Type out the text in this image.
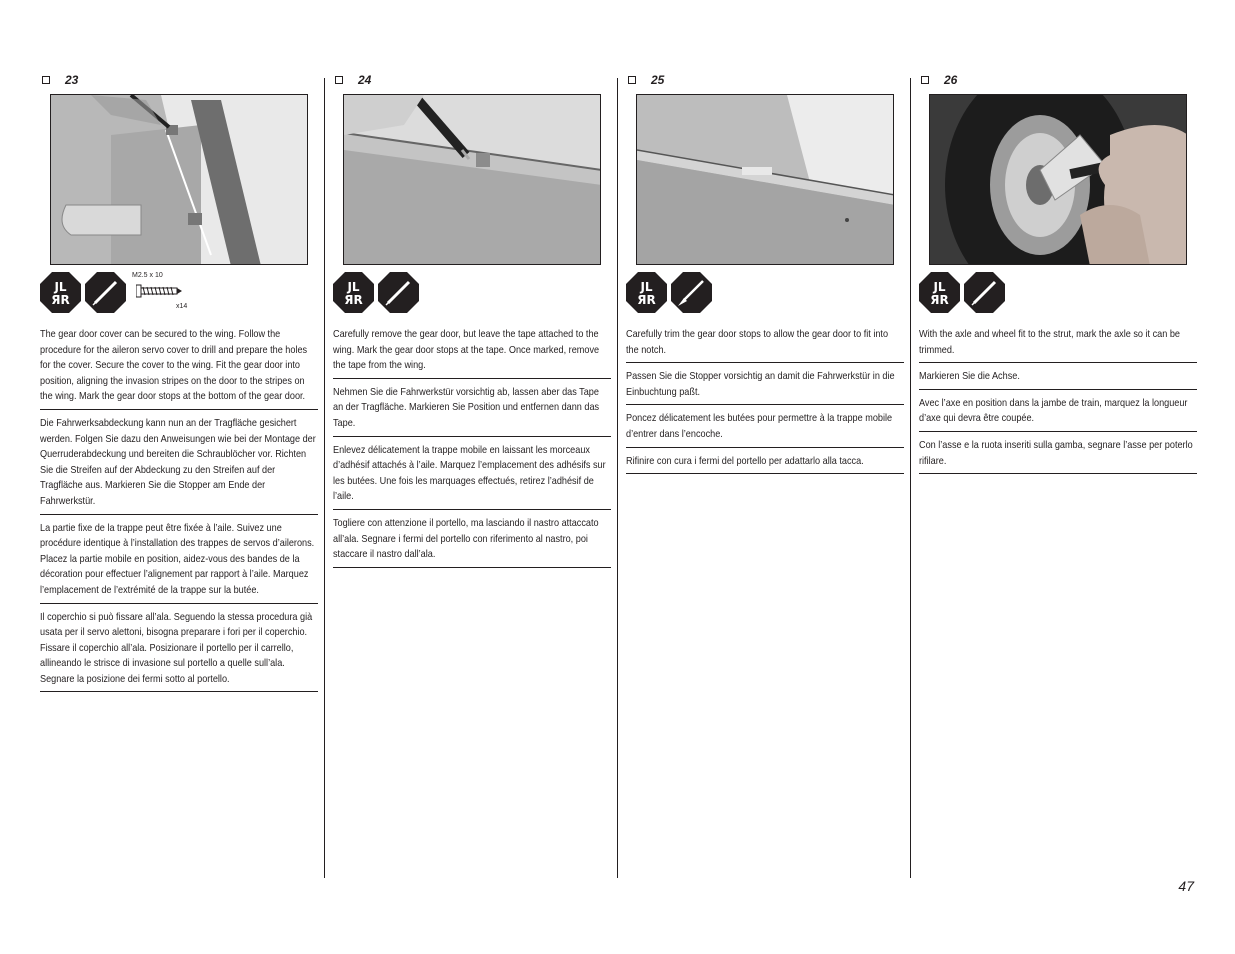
23
JL
ЯR
M2.5 x 10
x14

The gear door cover can be secured to the wing. Follow the procedure for the aileron servo cover to drill and prepare the holes for the cover. Secure the cover to the wing. Fit the gear door into position, aligning the invasion stripes on the door to the stripes on the wing. Mark the gear door stops at the bottom of the gear door.

Die Fahrwerksabdeckung kann nun an der Tragfläche gesichert werden. Folgen Sie dazu den Anweisungen wie bei der Montage der Querruderabdeckung und bereiten die Schraublöcher vor. Richten Sie die Streifen auf der Abdeckung zu den Streifen auf der Tragfläche aus. Markieren Sie die Stopper am Ende der Fahrwerkstür.

La partie fixe de la trappe peut être fixée à l’aile. Suivez une procédure identique à l’installation des trappes de servos d’ailerons. Placez la partie mobile en position, aidez-vous des bandes de la décoration pour effectuer l’alignement par rapport à l’aile. Marquez l’emplacement de l’extrémité de la trappe sur la butée.

Il coperchio si può fissare all’ala. Seguendo la stessa procedura già usata per il servo alettoni, bisogna preparare i fori per il coperchio. Fissare il coperchio all’ala. Posizionare il portello per il carrello, allineando le strisce di invasione sul portello a quelle sull’ala. Segnare la posizione dei fermi sotto al portello.

24
JL
ЯR

Carefully remove the gear door, but leave the tape attached to the wing. Mark the gear door stops at the tape. Once marked, remove the tape from the wing.

Nehmen Sie die Fahrwerkstür vorsichtig ab, lassen aber das Tape an der Tragfläche. Markieren Sie Position und entfernen dann das Tape.

Enlevez délicatement la trappe mobile en laissant les morceaux d’adhésif attachés à l’aile. Marquez l’emplacement des adhésifs sur les butées. Une fois les marquages effectués, retirez l’adhésif de l’aile.

Togliere con attenzione il portello, ma lasciando il nastro attaccato all’ala. Segnare i fermi del portello con riferimento al nastro, poi staccare il nastro dall’ala.

25
JL
ЯR

Carefully trim the gear door stops to allow the gear door to fit into the notch.

Passen Sie die Stopper vorsichtig an damit die Fahrwerkstür in die Einbuchtung paßt.

Poncez délicatement les butées pour permettre à la trappe mobile d’entrer dans l’encoche.

Rifinire con cura i fermi del portello per adattarlo alla tacca.

26
JL
ЯR

With the axle and wheel fit to the strut, mark the axle so it can be trimmed.

Markieren Sie die Achse.

Avec l’axe en position dans la jambe de train, marquez la longueur d’axe qui devra être coupée.

Con l’asse e la ruota inseriti sulla gamba, segnare l’asse per poterlo rifilare.

47
